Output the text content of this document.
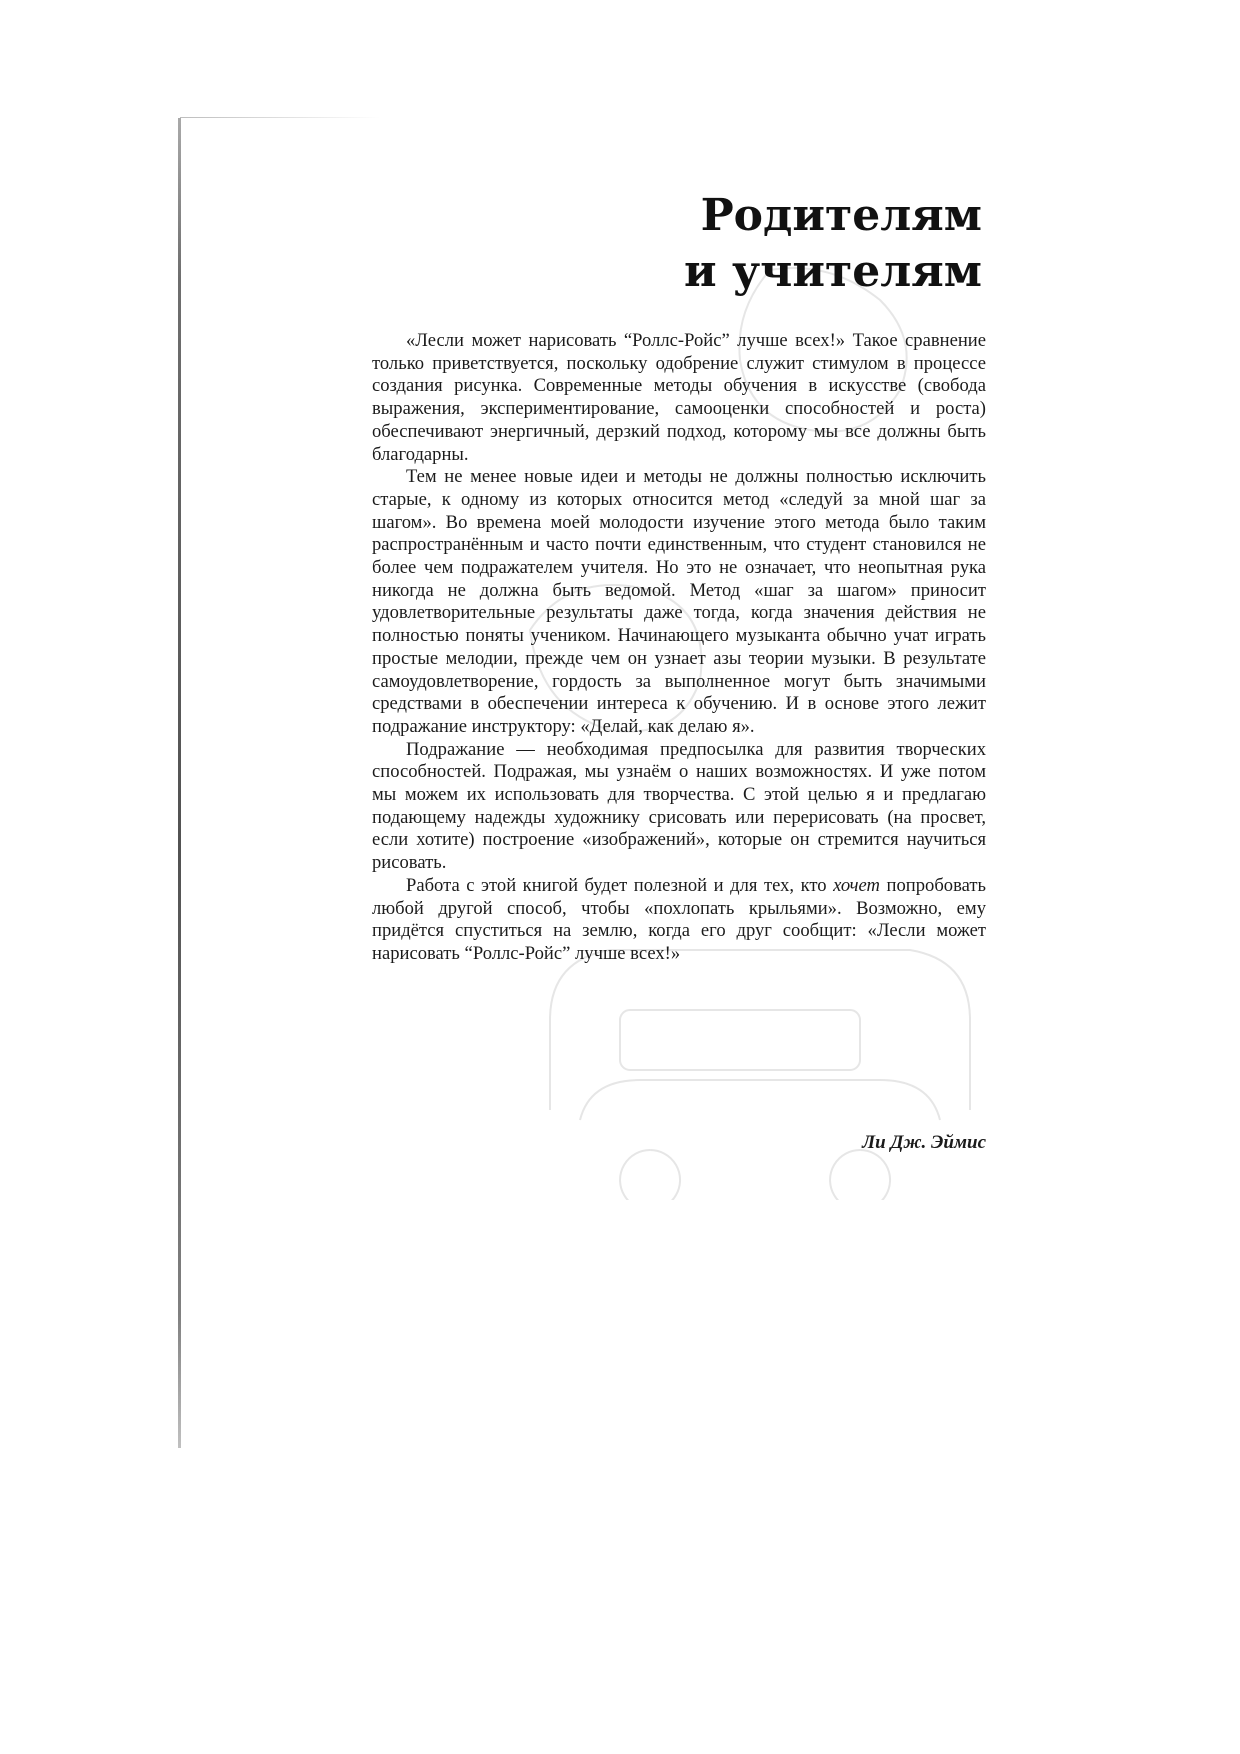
Родителям
и учителям

«Лесли может нарисовать “Роллс-Ройс” лучше всех!» Такое сравнение только приветствуется, поскольку одобрение служит стимулом в процессе создания рисунка. Современные методы обучения в искусстве (свобода выражения, экспериментирование, самооценки способностей и роста) обеспечивают энергичный, дерзкий подход, которому мы все должны быть благодарны.

Тем не менее новые идеи и методы не должны полностью исключить старые, к одному из которых относится метод «следуй за мной шаг за шагом». Во времена моей молодости изучение этого метода было таким распространённым и часто почти единственным, что студент становился не более чем подражателем учителя. Но это не означает, что неопытная рука никогда не должна быть ведомой. Метод «шаг за шагом» приносит удовлетворительные результаты даже тогда, когда значения действия не полностью поняты учеником. Начинающего музыканта обычно учат играть простые мелодии, прежде чем он узнает азы теории музыки. В результате самоудовлетворение, гордость за выполненное могут быть значимыми средствами в обеспечении интереса к обучению. И в основе этого лежит подражание инструктору: «Делай, как делаю я».

Подражание — необходимая предпосылка для развития творческих способностей. Подражая, мы узнаём о наших возможностях. И уже потом мы можем их использовать для творчества. С этой целью я и предлагаю подающему надежды художнику срисовать или перерисовать (на просвет, если хотите) построение «изображений», которые он стремится научиться рисовать.

Работа с этой книгой будет полезной и для тех, кто хочет попробовать любой другой способ, чтобы «похлопать крыльями». Возможно, ему придётся спуститься на землю, когда его друг сообщит: «Лесли может нарисовать “Роллс-Ройс” лучше всех!»

Ли Дж. Эймис
